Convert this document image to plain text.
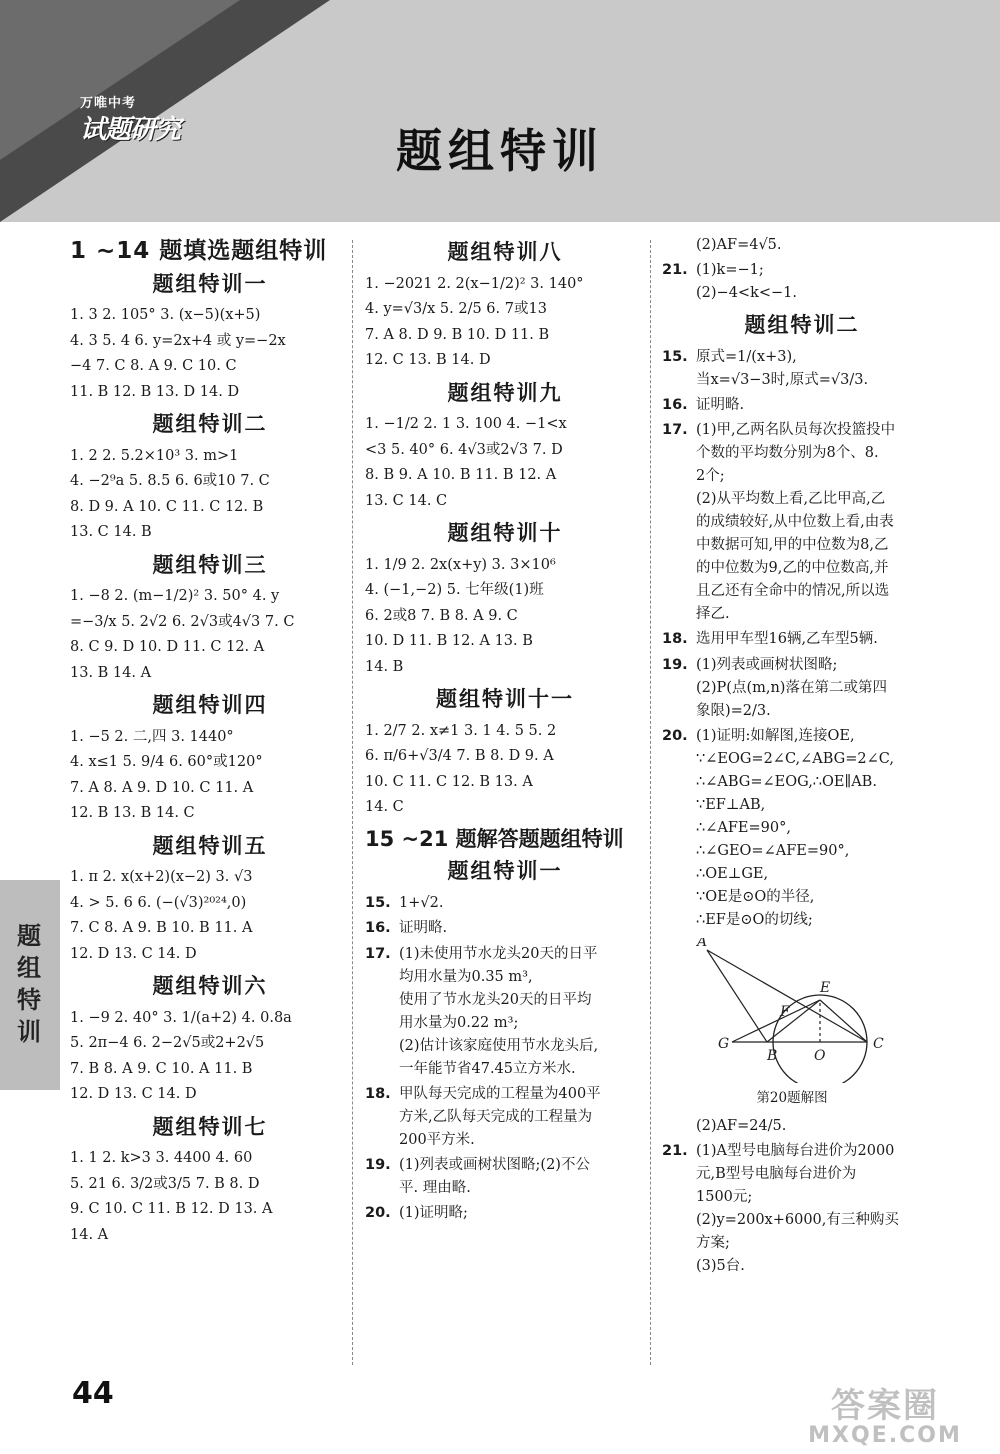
万唯中考
试题研究	题组特训
1 ~14 题填选题组特训
题组特训一
1. 3 2. 105° 3. (x−5)(x+5)
4. 3 5. 4 6. y=2x+4 或 y=−2x
−4 7. C 8. A 9. C 10. C
11. B 12. B 13. D 14. D
题组特训二
1. 2 2. 5.2×10³ 3. m>1
4. −2⁹a 5. 8.5 6. 6或10 7. C
8. D 9. A 10. C 11. C 12. B
13. C 14. B
题组特训三
1. −8 2. (m−1/2)² 3. 50° 4. y
=−3/x 5. 2√2 6. 2√3或4√3 7. C
8. C 9. D 10. D 11. C 12. A
13. B 14. A
题组特训四
1. −5 2. 二,四 3. 1440°
4. x≤1 5. 9/4 6. 60°或120°
7. A 8. A 9. D 10. C 11. A
12. B 13. B 14. C
题组特训五
1. π 2. x(x+2)(x−2) 3. √3
4. > 5. 6 6. (−(√3)²⁰²⁴,0)
7. C 8. A 9. B 10. B 11. A
12. D 13. C 14. D
题组特训六
1. −9 2. 40° 3. 1/(a+2) 4. 0.8a
5. 2π−4 6. 2−2√5或2+2√5
7. B 8. A 9. C 10. A 11. B
12. D 13. C 14. D
题组特训七
1. 1 2. k>3 3. 4400 4. 60
5. 21 6. 3/2或3/5 7. B 8. D
9. C 10. C 11. B 12. D 13. A
14. A
题组特训八
1. −2021 2. 2(x−1/2)² 3. 140°
4. y=√3/x 5. 2/5 6. 7或13
7. A 8. D 9. B 10. D 11. B
12. C 13. B 14. D
题组特训九
1. −1/2 2. 1 3. 100 4. −1<x
<3 5. 40° 6. 4√3或2√3 7. D
8. B 9. A 10. B 11. B 12. A
13. C 14. C
题组特训十
1. 1/9 2. 2x(x+y) 3. 3×10⁶
4. (−1,−2) 5. 七年级(1)班
6. 2或8 7. B 8. A 9. C
10. D 11. B 12. A 13. B
14. B
题组特训十一
1. 2/7 2. x≠1 3. 1 4. 5 5. 2
6. π/6+√3/4 7. B 8. D 9. A
10. C 11. C 12. B 13. A
14. C
15 ~21 题解答题题组特训
题组特训一
15. 1+√2.
16. 证明略.
17. (1)未使用节水龙头20天的日平
均用水量为0.35 m³,
使用了节水龙头20天的日平均
用水量为0.22 m³;
(2)估计该家庭使用节水龙头后,
一年能节省47.45立方米水.
18. 甲队每天完成的工程量为400平
方米,乙队每天完成的工程量为
200平方米.
19. (1)列表或画树状图略;(2)不公
平. 理由略.
20. (1)证明略;
(2)AF=4√5.
21. (1)k=−1;
(2)−4<k<−1.
题组特训二
15. 原式=1/(x+3),
当x=√3−3时,原式=√3/3.
16. 证明略.
17. (1)甲,乙两名队员每次投篮投中
个数的平均数分别为8个、8.
2个;
(2)从平均数上看,乙比甲高,乙
的成绩较好,从中位数上看,由表
中数据可知,甲的中位数为8,乙
的中位数为9,乙的中位数高,并
且乙还有全命中的情况,所以选
择乙.
18. 选用甲车型16辆,乙车型5辆.
19. (1)列表或画树状图略;
(2)P(点(m,n)落在第二或第四
象限)=2/3.
20. (1)证明:如解图,连接OE,
∵∠EOG=2∠C,∠ABG=2∠C,
∴∠ABG=∠EOG,∴OE∥AB.
∵EF⊥AB,
∴∠AFE=90°,
∴∠GEO=∠AFE=90°,
∴OE⊥GE,
∵OE是⊙O的半径,
∴EF是⊙O的切线;
A
E
F
G
B	O
C
第20题解图
(2)AF=24/5.
21. (1)A型号电脑每台进价为2000
元,B型号电脑每台进价为
1500元;
(2)y=200x+6000,有三种购买
方案;
(3)5台.
题组特训
44	答案圈
MXQE.COM
